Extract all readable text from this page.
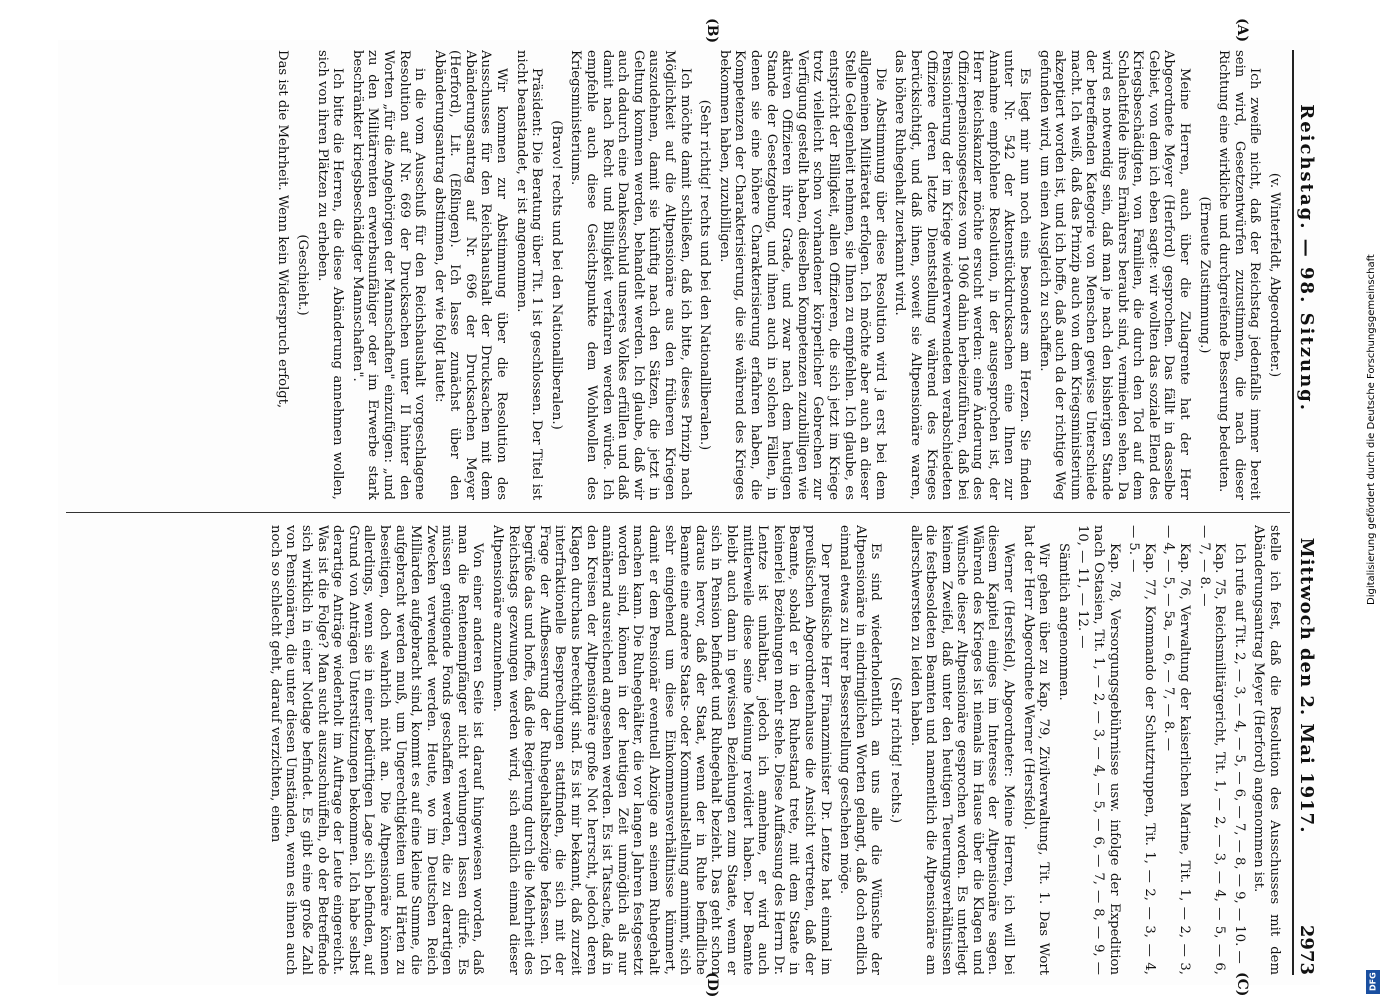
Reichstag. — 98. Sitzung.
Mittwoch den 2. Mai 1917.
2973
(A)
(B)
(C)
(D)

(v. Winterfeldt, Abgeordneter.)

Ich zweifle nicht, daß der Reichstag jedenfalls immer bereit sein wird, Gesetzentwürfen zuzustimmen, die nach dieser Richtung eine wirkliche und durchgreifende Besserung bedeuten.

(Erneute Zustimmung.)

Meine Herren, auch über die Zulagrente hat der Herr Abgeordnete Meyer (Herford) gesprochen. Das fällt in dasselbe Gebiet, von dem ich eben sagte: wir wollten das soziale Elend des Kriegsbeschädigten, von Familien, die durch den Tod auf dem Schlachtfelde ihres Ernährers beraubt sind, vermieden sehen. Da wird es notwendig sein, daß man je nach den bisherigen Stande der betreffenden Kategorie von Menschen gewisse Unterschiede macht. Ich weiß, daß das Prinzip auch von dem Kriegsministerium akzeptiert worden ist, und ich hoffe, daß auch da der richtige Weg gefunden wird, um einen Ausgleich zu schaffen.

Es liegt mir nun noch eins besonders am Herzen. Sie finden unter Nr. 542 der Aktenstückdrucksachen eine Ihnen zur Annahme empfohlene Resolution, in der ausgesprochen ist, der Herr Reichskanzler möchte ersucht werden: eine Änderung des Offizierpensionsgesetzes vom 1906 dahin herbeizuführen, daß bei Pensionierung der im Kriege wiederverwendeten verabschiedeten Offiziere deren letzte Dienststellung während des Krieges berücksichtigt, und daß ihnen, soweit sie Altpensionäre waren, das höhere Ruhegehalt zuerkannt wird.

Die Abstimmung über diese Resolution wird ja erst bei dem allgemeinen Militäretat erfolgen. Ich möchte aber auch an dieser Stelle Gelegenheit nehmen, sie Ihnen zu empfehlen. Ich glaube, es entspricht der Billigkeit, allen Offizieren, die sich jetzt im Kriege trotz vielleicht schon vorhandener körperlicher Gebrechen zur Verfügung gestellt haben, dieselben Kompetenzen zuzubilligen wie aktiven Offizieren ihrer Grade, und zwar nach dem heutigen Stande der Gesetzgebung, und ihnen auch in solchen Fällen, in denen sie eine höhere Charakterisierung erfahren haben, die Kompetenzen der Charakterisierung, die sie während des Krieges bekommen haben, zuzubilligen.

(Sehr richtig! rechts und bei den Nationalliberalen.)

Ich möchte damit schließen, daß ich bitte, dieses Prinzip nach Möglichkeit auf die Altpensionäre aus den früheren Kriegen auszudehnen, damit sie künftig nach den Sätzen, die jetzt in Geltung kommen werden, behandelt werden. Ich glaube, daß wir auch dadurch eine Dankesschuld unseres Volkes erfüllen und daß damit nach Recht und Billigkeit verfahren werden würde. Ich empfehle auch diese Gesichtspunkte dem Wohlwollen des Kriegsministeriums.

(Bravo! rechts und bei den Nationalliberalen.)

Präsident: Die Beratung über Tit. 1 ist geschlossen. Der Titel ist nicht beanstandet, er ist angenommen.

Wir kommen zur Abstimmung über die Resolution des Ausschusses für den Reichshaushalt der Drucksachen mit dem Abänderungsantrag auf Nr. 696 der Drucksachen Meyer (Herford), Lit. (Eßlingen). Ich lasse zunächst über den Abänderungsantrag abstimmen, der wie folgt lautet:

in die vom Ausschuß für den Reichshaushalt vorgeschlagene Resolution auf Nr. 669 der Drucksachen unter II hinter den Worten „für die Angehörigen der Mannschaften" einzufügen: „und zu den Militärrenten erwerbsunfähiger oder im Erwerbe stark beschränkter kriegsbeschädigter Mannschaften".

Ich bitte die Herren, die diese Abänderung annehmen wollen, sich von ihren Plätzen zu erheben.

(Geschieht.)

Das ist die Mehrheit. Wenn kein Widerspruch erfolgt,

stelle ich fest, daß die Resolution des Ausschusses mit dem Abänderungsantrag Meyer (Herford) angenommen ist.

Ich rufe auf Tit. 2, — 3, — 4, — 5, — 6, — 7, — 8, — 9, — 10. —

Kap. 75, Reichsmilitärgericht, Tit. 1, — 2, — 3, — 4, — 5, — 6, — 7, — 8. —

Kap. 76, Verwaltung der kaiserlichen Marine, Tit. 1, — 2, — 3, — 4, — 5, — 5a, — 6, — 7, — 8. —

Kap. 77, Kommando der Schutztruppen, Tit. 1, — 2, — 3, — 4, — 5. —

Kap. 78, Versorgungsgebührnisse usw. infolge der Expedition nach Ostasien, Tit. 1, — 2, — 3, — 4, — 5, — 6, — 7, — 8, — 9, — 10, — 11, — 12. —

Sämtlich angenommen.

Wir gehen über zu Kap. 79, Zivilverwaltung, Tit. 1. Das Wort hat der Herr Abgeordnete Werner (Hersfeld).

Werner (Hersfeld), Abgeordneter: Meine Herren, ich will bei diesem Kapitel einiges im Interesse der Altpensionäre sagen. Während des Krieges ist niemals im Hause über die Klagen und Wünsche dieser Altpensionäre gesprochen worden. Es unterliegt keinem Zweifel, daß unter den heutigen Teuerungsverhältnissen die festbesoldeten Beamten und namentlich die Altpensionäre am allerschwersten zu leiden haben.

(Sehr richtig! rechts.)

Es sind wiederholentlich an uns alle die Wünsche der Altpensionäre in eindringlichen Worten gelangt, daß doch endlich einmal etwas zu ihrer Besserstellung geschehen möge.

Der preußische Herr Finanzminister Dr. Lentze hat einmal im preußischen Abgeordnetenhause die Ansicht vertreten, daß der Beamte, sobald er in den Ruhestand trete, mit dem Staate in keinerlei Beziehungen mehr stehe. Diese Auffassung des Herrn Dr. Lentze ist unhaltbar, jedoch ich annehme, er wird auch mittlerweile diese seine Meinung revidiert haben. Der Beamte bleibt auch dann in gewissen Beziehungen zum Staate, wenn er sich in Pension befindet und Ruhegehalt bezieht. Das geht schon daraus hervor, daß der Staat, wenn der in Ruhe befindliche Beamte eine andere Staats- oder Kommunalstellung annimmt, sich sehr eingehend um diese Einkommensverhältnisse kümmert, damit er dem Pensionär eventuell Abzüge an seinem Ruhegehalt machen kann. Die Ruhegehälter, die vor langen Jahren festgesetzt worden sind, können in der heutigen Zeit unmöglich als nur annähernd ausreichend angesehen werden. Es ist Tatsache, daß in den Kreisen der Altpensionäre große Not herrscht, jedoch deren Klagen durchaus berechtigt sind. Es ist mir bekannt, daß zurzeit interfraktionelle Besprechungen stattfinden, die sich mit der Frage der Aufbesserung der Ruhegehaltsbezüge befassen. Ich begrüße das und hoffe, daß die Regierung durch die Mehrheit des Reichstags gezwungen werden wird, sich endlich einmal dieser Altpensionäre anzunehmen.

Von einer anderen Seite ist darauf hingewiesen worden, daß man die Rentenempfänger nicht verhungern lassen dürfe. Es müssen genügende Fonds geschaffen werden, die zu derartigen Zwecken verwendet werden. Heute, wo im Deutschen Reich Milliarden aufgebracht sind, kommt es auf eine kleine Summe, die aufgebracht werden muß, um Ungerechtigkeiten und Härten zu beseitigen, doch wahrlich nicht an. Die Altpensionäre können allerdings, wenn sie in einer bedürftigen Lage sich befinden, auf Grund von Anträgen Unterstützungen bekommen. Ich habe selbst derartige Anträge wiederholt im Auftrage der Leute eingereicht. Was ist die Folge? Man sucht auszuschnüffeln, ob der Betreffende sich wirklich in einer Notlage befindet. Es gibt eine große Zahl von Pensionären, die unter diesen Umständen, wenn es ihnen auch noch so schlecht geht, darauf verzichten, einen

Digitalisierung gefördert durch die Deutsche Forschungsgemeinschaft
DFG
